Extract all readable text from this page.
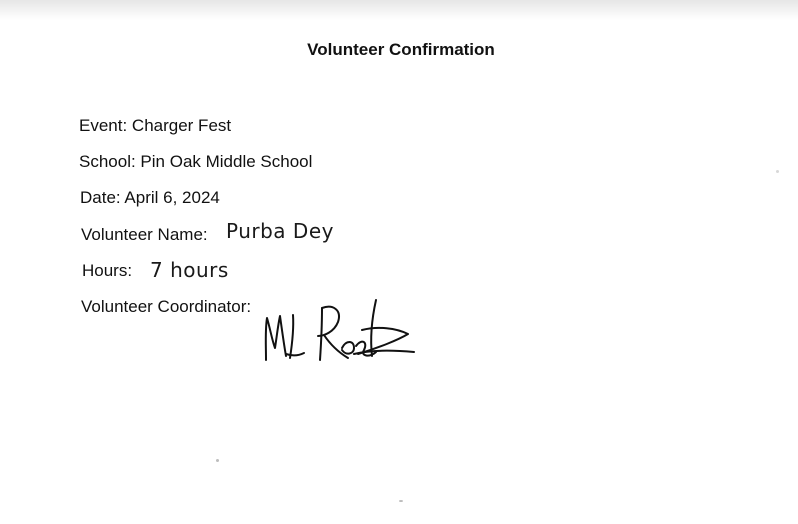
Volunteer Confirmation
Event: Charger Fest
School: Pin Oak Middle School
Date: April 6, 2024
Volunteer Name: Purba Dey
Hours: 7 hours
Volunteer Coordinator:
